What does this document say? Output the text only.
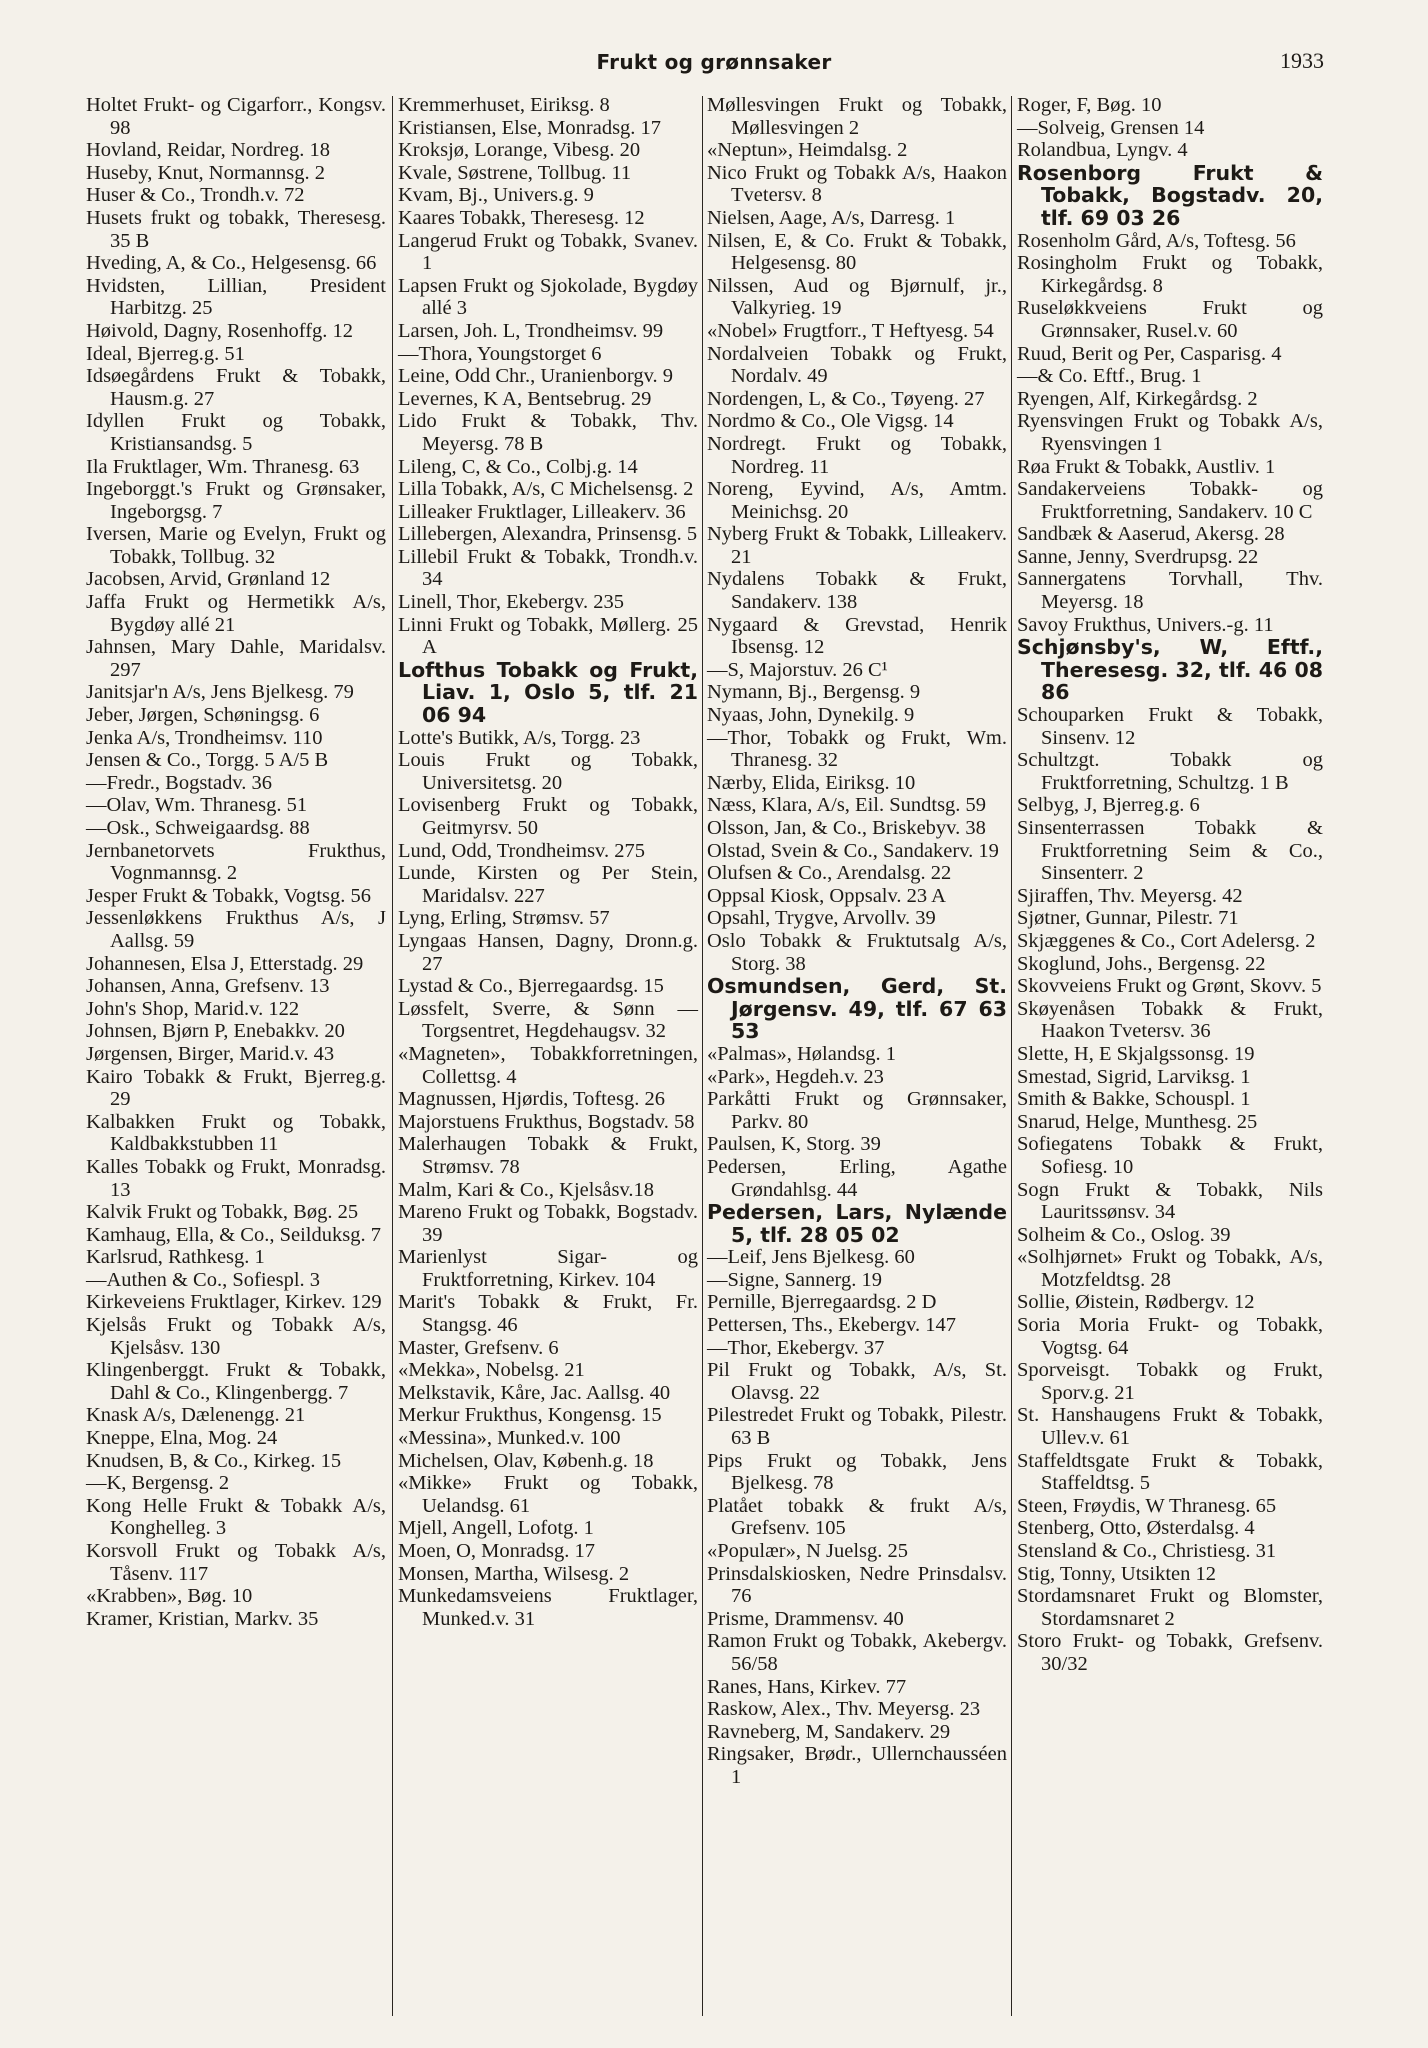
Frukt og grønnsaker	1933
Holtet Frukt- og Cigarforr., Kongsv. 98
Hovland, Reidar, Nordreg. 18
Huseby, Knut, Normannsg. 2
Huser & Co., Trondh.v. 72
Husets frukt og tobakk, Theresesg. 35 B
Hveding, A, & Co., Helgesensg. 66
Hvidsten, Lillian, President Harbitzg. 25
Høivold, Dagny, Rosenhoffg. 12
Ideal, Bjerreg.g. 51
Idsøegårdens Frukt & Tobakk, Hausm.g. 27
Idyllen Frukt og Tobakk, Kristiansandsg. 5
Ila Fruktlager, Wm. Thranesg. 63
Ingeborggt.'s Frukt og Grønsaker, Ingeborgsg. 7
Iversen, Marie og Evelyn, Frukt og Tobakk, Tollbug. 32
Jacobsen, Arvid, Grønland 12
Jaffa Frukt og Hermetikk A/s, Bygdøy allé 21
Jahnsen, Mary Dahle, Maridalsv. 297
Janitsjar'n A/s, Jens Bjelkesg. 79
Jeber, Jørgen, Schøningsg. 6
Jenka A/s, Trondheimsv. 110
Jensen & Co., Torgg. 5 A/5 B
—Fredr., Bogstadv. 36
—Olav, Wm. Thranesg. 51
—Osk., Schweigaardsg. 88
Jernbanetorvets Frukthus, Vognmannsg. 2
Jesper Frukt & Tobakk, Vogtsg. 56
Jessenløkkens Frukthus A/s, J Aallsg. 59
Johannesen, Elsa J, Etterstadg. 29
Johansen, Anna, Grefsenv. 13
John's Shop, Marid.v. 122
Johnsen, Bjørn P, Enebakkv. 20
Jørgensen, Birger, Marid.v. 43
Kairo Tobakk & Frukt, Bjerreg.g. 29
Kalbakken Frukt og Tobakk, Kaldbakkstubben 11
Kalles Tobakk og Frukt, Monradsg. 13
Kalvik Frukt og Tobakk, Bøg. 25
Kamhaug, Ella, & Co., Seilduksg. 7
Karlsrud, Rathkesg. 1
—Authen & Co., Sofiespl. 3
Kirkeveiens Fruktlager, Kirkev. 129
Kjelsås Frukt og Tobakk A/s, Kjelsåsv. 130
Klingenberggt. Frukt & Tobakk, Dahl & Co., Klingenbergg. 7
Knask A/s, Dælenengg. 21
Kneppe, Elna, Mog. 24
Knudsen, B, & Co., Kirkeg. 15
—K, Bergensg. 2
Kong Helle Frukt & Tobakk A/s, Konghelleg. 3
Korsvoll Frukt og Tobakk A/s, Tåsenv. 117
«Krabben», Bøg. 10
Kramer, Kristian, Markv. 35
Kremmerhuset, Eiriksg. 8
Kristiansen, Else, Monradsg. 17
Kroksjø, Lorange, Vibesg. 20
Kvale, Søstrene, Tollbug. 11
Kvam, Bj., Univers.g. 9
Kaares Tobakk, Theresesg. 12
Langerud Frukt og Tobakk, Svanev. 1
Lapsen Frukt og Sjokolade, Bygdøy allé 3
Larsen, Joh. L, Trondheimsv. 99
—Thora, Youngstorget 6
Leine, Odd Chr., Uranienborgv. 9
Levernes, K A, Bentsebrug. 29
Lido Frukt & Tobakk, Thv. Meyersg. 78 B
Lileng, C, & Co., Colbj.g. 14
Lilla Tobakk, A/s, C Michelsensg. 2
Lilleaker Fruktlager, Lilleakerv. 36
Lillebergen, Alexandra, Prinsensg. 5
Lillebil Frukt & Tobakk, Trondh.v. 34
Linell, Thor, Ekebergv. 235
Linni Frukt og Tobakk, Møllerg. 25 A
Lofthus Tobakk og Frukt, Liav. 1, Oslo 5, tlf. 21 06 94
Lotte's Butikk, A/s, Torgg. 23
Louis Frukt og Tobakk, Universitetsg. 20
Lovisenberg Frukt og Tobakk, Geitmyrsv. 50
Lund, Odd, Trondheimsv. 275
Lunde, Kirsten og Per Stein, Maridalsv. 227
Lyng, Erling, Strømsv. 57
Lyngaas Hansen, Dagny, Dronn.g. 27
Lystad & Co., Bjerregaardsg. 15
Løssfelt, Sverre, & Sønn — Torgsentret, Hegdehaugsv. 32
«Magneten», Tobakkforretningen, Collettsg. 4
Magnussen, Hjørdis, Toftesg. 26
Majorstuens Frukthus, Bogstadv. 58
Malerhaugen Tobakk & Frukt, Strømsv. 78
Malm, Kari & Co., Kjelsåsv.18
Mareno Frukt og Tobakk, Bogstadv. 39
Marienlyst Sigar- og Fruktforretning, Kirkev. 104
Marit's Tobakk & Frukt, Fr. Stangsg. 46
Master, Grefsenv. 6
«Mekka», Nobelsg. 21
Melkstavik, Kåre, Jac. Aallsg. 40
Merkur Frukthus, Kongensg. 15
«Messina», Munked.v. 100
Michelsen, Olav, Københ.g. 18
«Mikke» Frukt og Tobakk, Uelandsg. 61
Mjell, Angell, Lofotg. 1
Moen, O, Monradsg. 17
Monsen, Martha, Wilsesg. 2
Munkedamsveiens Fruktlager, Munked.v. 31
Møllesvingen Frukt og Tobakk, Møllesvingen 2
«Neptun», Heimdalsg. 2
Nico Frukt og Tobakk A/s, Haakon Tvetersv. 8
Nielsen, Aage, A/s, Darresg. 1
Nilsen, E, & Co. Frukt & Tobakk, Helgesensg. 80
Nilssen, Aud og Bjørnulf, jr., Valkyrieg. 19
«Nobel» Frugtforr., T Heftyesg. 54
Nordalveien Tobakk og Frukt, Nordalv. 49
Nordengen, L, & Co., Tøyeng. 27
Nordmo & Co., Ole Vigsg. 14
Nordregt. Frukt og Tobakk, Nordreg. 11
Noreng, Eyvind, A/s, Amtm. Meinichsg. 20
Nyberg Frukt & Tobakk, Lilleakerv. 21
Nydalens Tobakk & Frukt, Sandakerv. 138
Nygaard & Grevstad, Henrik Ibsensg. 12
—S, Majorstuv. 26 C¹
Nymann, Bj., Bergensg. 9
Nyaas, John, Dynekilg. 9
—Thor, Tobakk og Frukt, Wm. Thranesg. 32
Nærby, Elida, Eiriksg. 10
Næss, Klara, A/s, Eil. Sundtsg. 59
Olsson, Jan, & Co., Briskebyv. 38
Olstad, Svein & Co., Sandakerv. 19
Olufsen & Co., Arendalsg. 22
Oppsal Kiosk, Oppsalv. 23 A
Opsahl, Trygve, Arvollv. 39
Oslo Tobakk & Fruktutsalg A/s, Storg. 38
Osmundsen, Gerd, St. Jørgensv. 49, tlf. 67 63 53
«Palmas», Hølandsg. 1
«Park», Hegdeh.v. 23
Parkåtti Frukt og Grønnsaker, Parkv. 80
Paulsen, K, Storg. 39
Pedersen, Erling, Agathe Grøndahlsg. 44
Pedersen, Lars, Nylænde 5, tlf. 28 05 02
—Leif, Jens Bjelkesg. 60
—Signe, Sannerg. 19
Pernille, Bjerregaardsg. 2 D
Pettersen, Ths., Ekebergv. 147
—Thor, Ekebergv. 37
Pil Frukt og Tobakk, A/s, St. Olavsg. 22
Pilestredet Frukt og Tobakk, Pilestr. 63 B
Pips Frukt og Tobakk, Jens Bjelkesg. 78
Platået tobakk & frukt A/s, Grefsenv. 105
«Populær», N Juelsg. 25
Prinsdalskiosken, Nedre Prinsdalsv. 76
Prisme, Drammensv. 40
Ramon Frukt og Tobakk, Akebergv. 56/58
Ranes, Hans, Kirkev. 77
Raskow, Alex., Thv. Meyersg. 23
Ravneberg, M, Sandakerv. 29
Ringsaker, Brødr., Ullernchausséen 1
Roger, F, Bøg. 10
—Solveig, Grensen 14
Rolandbua, Lyngv. 4
Rosenborg Frukt & Tobakk, Bogstadv. 20, tlf. 69 03 26
Rosenholm Gård, A/s, Toftesg. 56
Rosingholm Frukt og Tobakk, Kirkegårdsg. 8
Ruseløkkveiens Frukt og Grønnsaker, Rusel.v. 60
Ruud, Berit og Per, Casparisg. 4
—& Co. Eftf., Brug. 1
Ryengen, Alf, Kirkegårdsg. 2
Ryensvingen Frukt og Tobakk A/s, Ryensvingen 1
Røa Frukt & Tobakk, Austliv. 1
Sandakerveiens Tobakk- og Fruktforretning, Sandakerv. 10 C
Sandbæk & Aaserud, Akersg. 28
Sanne, Jenny, Sverdrupsg. 22
Sannergatens Torvhall, Thv. Meyersg. 18
Savoy Frukthus, Univers.-g. 11
Schjønsby's, W, Eftf., Theresesg. 32, tlf. 46 08 86
Schouparken Frukt & Tobakk, Sinsenv. 12
Schultzgt. Tobakk og Fruktforretning, Schultzg. 1 B
Selbyg, J, Bjerreg.g. 6
Sinsenterrassen Tobakk & Fruktforretning Seim & Co., Sinsenterr. 2
Sjiraffen, Thv. Meyersg. 42
Sjøtner, Gunnar, Pilestr. 71
Skjæggenes & Co., Cort Adelersg. 2
Skoglund, Johs., Bergensg. 22
Skovveiens Frukt og Grønt, Skovv. 5
Skøyenåsen Tobakk & Frukt, Haakon Tvetersv. 36
Slette, H, E Skjalgssonsg. 19
Smestad, Sigrid, Larviksg. 1
Smith & Bakke, Schouspl. 1
Snarud, Helge, Munthesg. 25
Sofiegatens Tobakk & Frukt, Sofiesg. 10
Sogn Frukt & Tobakk, Nils Lauritssønsv. 34
Solheim & Co., Oslog. 39
«Solhjørnet» Frukt og Tobakk, A/s, Motzfeldtsg. 28
Sollie, Øistein, Rødbergv. 12
Soria Moria Frukt- og Tobakk, Vogtsg. 64
Sporveisgt. Tobakk og Frukt, Sporv.g. 21
St. Hanshaugens Frukt & Tobakk, Ullev.v. 61
Staffeldtsgate Frukt & Tobakk, Staffeldtsg. 5
Steen, Frøydis, W Thranesg. 65
Stenberg, Otto, Østerdalsg. 4
Stensland & Co., Christiesg. 31
Stig, Tonny, Utsikten 12
Stordamsnaret Frukt og Blomster, Stordamsnaret 2
Storo Frukt- og Tobakk, Grefsenv. 30/32
